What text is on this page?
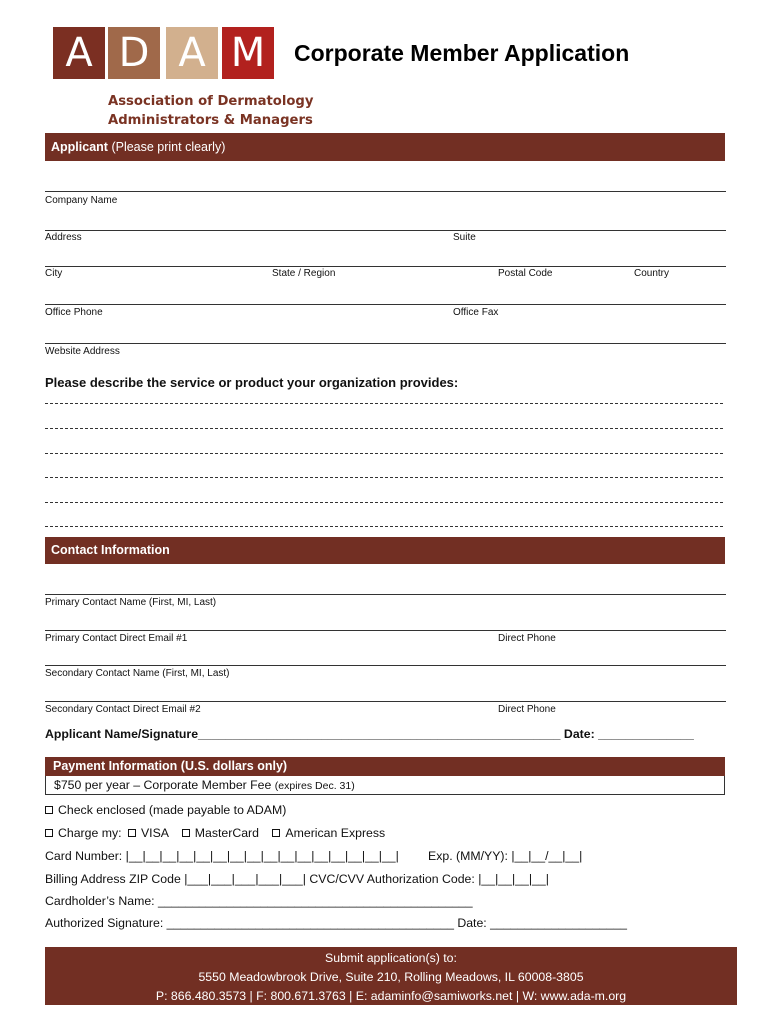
A D A M
Association of Dermatology
Administrators & Managers
Corporate Member Application
Applicant (Please print clearly)
Company Name
Address	Suite
City	State / Region	Postal Code	Country
Office Phone	Office Fax
Website Address
Please describe the service or product your organization provides:
Contact Information
Primary Contact Name (First, MI, Last)
Primary Contact Direct Email #1	Direct Phone
Secondary Contact Name (First, MI, Last)
Secondary Contact Direct Email #2	Direct Phone
Applicant Name/Signature_____________________________________________________ Date: ______________
Payment Information (U.S. dollars only)
$750 per year – Corporate Member Fee (expires Dec. 31)
Check enclosed (made payable to ADAM)
Charge my: VISA MasterCard American Express
Card Number: |__|__|__|__|__|__|__|__|__|__|__|__|__|__|__|__| Exp. (MM/YY): |__|__/__|__|
Billing Address ZIP Code |___|___|___|___|___| CVC/CVV Authorization Code: |__|__|__|__|
Cardholder’s Name: ______________________________________________
Authorized Signature: __________________________________________ Date: ____________________
Submit application(s) to:
5550 Meadowbrook Drive, Suite 210, Rolling Meadows, IL 60008-3805
P: 866.480.3573 | F: 800.671.3763 | E: adaminfo@samiworks.net | W: www.ada-m.org
